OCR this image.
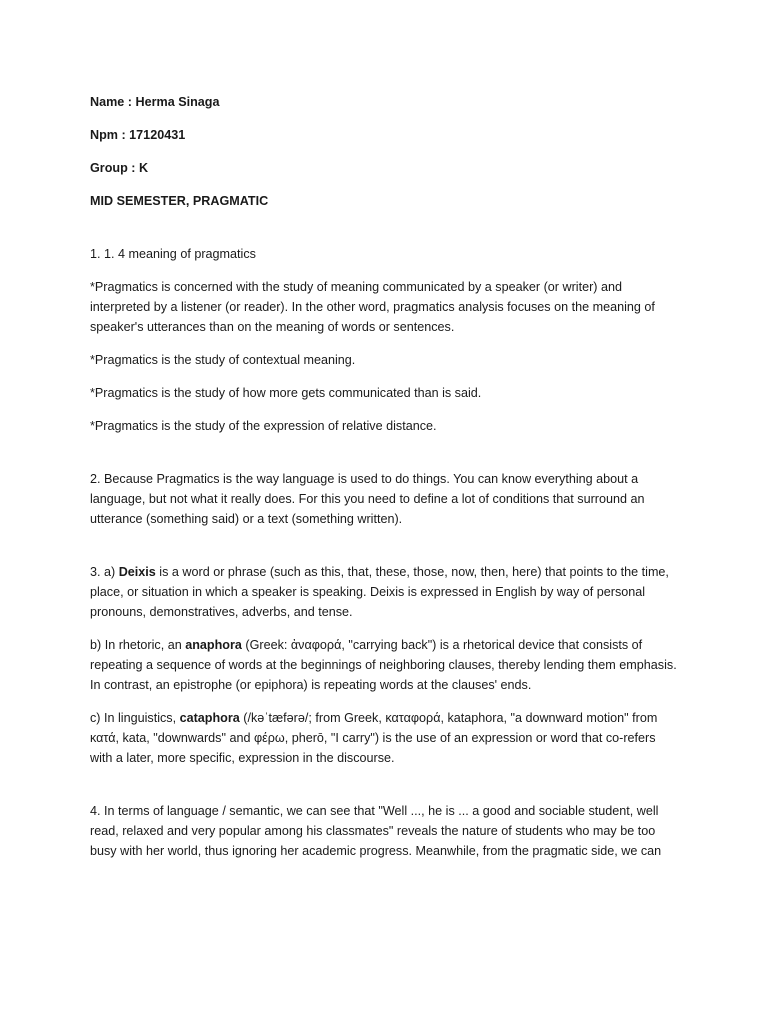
Name : Herma Sinaga
Npm : 17120431
Group : K
MID SEMESTER, PRAGMATIC
1. 1. 4 meaning of pragmatics
*Pragmatics is concerned with the study of meaning communicated by a speaker (or writer) and interpreted by a listener (or reader). In the other word, pragmatics analysis focuses on the meaning of speaker's utterances than on the meaning of words or sentences.
*Pragmatics is the study of contextual meaning.
*Pragmatics is the study of how more gets communicated than is said.
*Pragmatics is the study of the expression of relative distance.
2. Because Pragmatics is the way language is used to do things. You can know everything about a language, but not what it really does. For this you need to define a lot of conditions that surround an utterance (something said) or a text (something written).
3. a) Deixis is a word or phrase (such as this, that, these, those, now, then, here) that points to the time, place, or situation in which a speaker is speaking. Deixis is expressed in English by way of personal pronouns, demonstratives, adverbs, and tense.
b) In rhetoric, an anaphora (Greek: ἀναφορά, "carrying back") is a rhetorical device that consists of repeating a sequence of words at the beginnings of neighboring clauses, thereby lending them emphasis. In contrast, an epistrophe (or epiphora) is repeating words at the clauses' ends.
c) In linguistics, cataphora (/kəˈtæfərə/; from Greek, καταφορά, kataphora, "a downward motion" from κατά, kata, "downwards" and φέρω, pherō, "I carry") is the use of an expression or word that co-refers with a later, more specific, expression in the discourse.
4. In terms of language / semantic, we can see that "Well ..., he is ... a good and sociable student, well read, relaxed and very popular among his classmates" reveals the nature of students who may be too busy with her world, thus ignoring her academic progress. Meanwhile, from the pragmatic side, we can
